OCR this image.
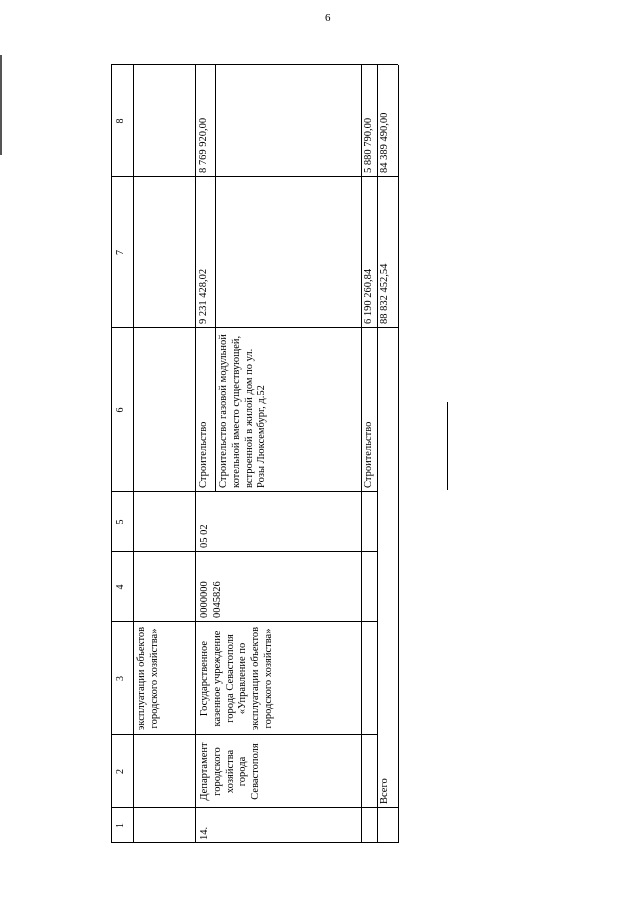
6
1
2
3
4
5
6
7
8
эксплуатации объектов городского хозяйства»
14.
Департамент городского хозяйства города Севастополя
Государственное казенное учреждение города Севастополя «Управление по эксплуатации объектов городского хозяйства»
0000000 0045826
05 02
Строительство
9 231 428,02
8 769 920,00
Строительство газовой модульной котельной вместо существующей, встроенной в жилой дом по ул. Розы Люксембург, д.52	Строительство
6 190 260,84
5 880 790,00
Всего
88 832 452,54
84 389 490,00
